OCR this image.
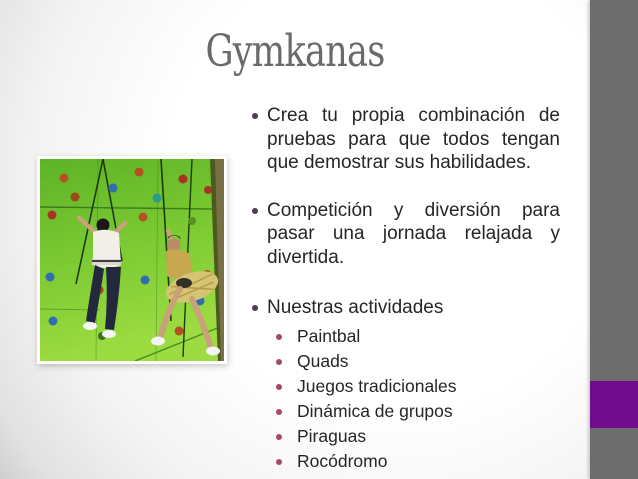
Gymkanas

Crea tu propia combinación de pruebas para que todos tengan que demostrar sus habilidades.

Competición y diversión para pasar una jornada relajada y divertida.

Nuestras actividades

Paintbal
Quads
Juegos tradicionales
Dinámica de grupos
Piraguas
Rocódromo
